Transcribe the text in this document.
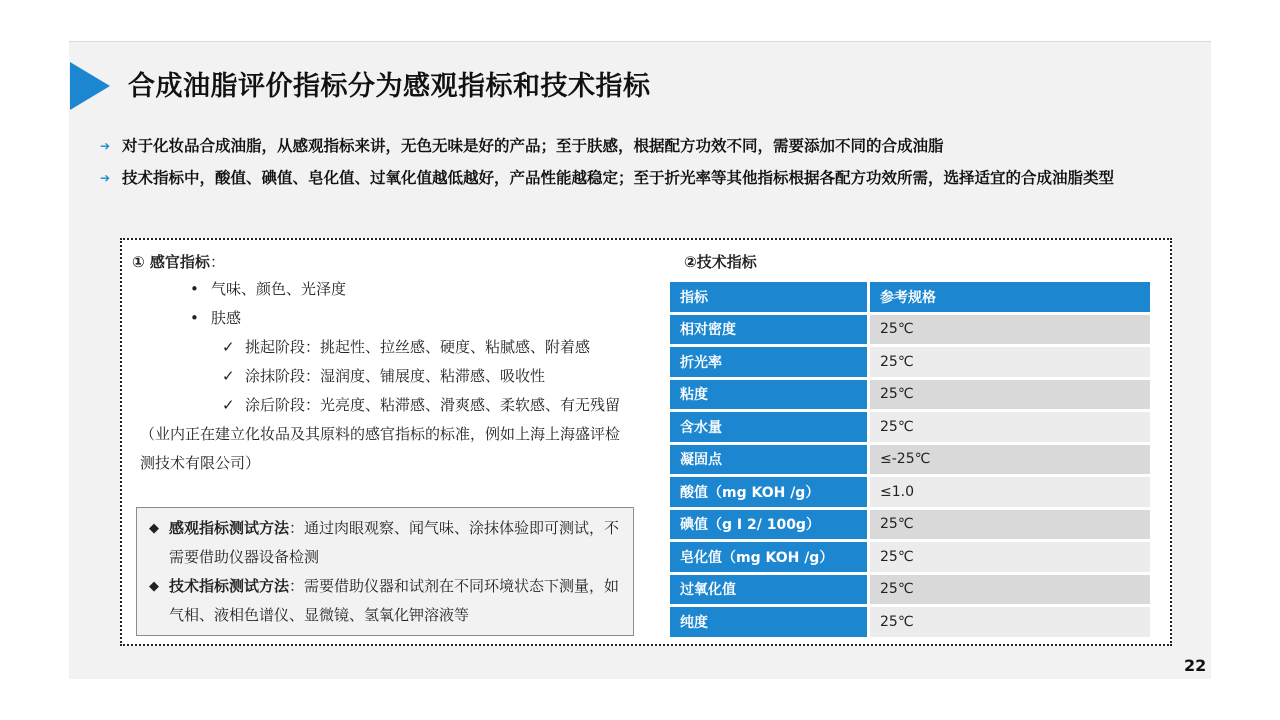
合成油脂评价指标分为感观指标和技术指标
➔ 对于化妆品合成油脂，从感观指标来讲，无色无味是好的产品；至于肤感，根据配方功效不同，需要添加不同的合成油脂
➔ 技术指标中，酸值、碘值、皂化值、过氧化值越低越好，产品性能越稳定；至于折光率等其他指标根据各配方功效所需，选择适宜的合成油脂类型
① 感官指标：
• 气味、颜色、光泽度
• 肤感
✓ 挑起阶段：挑起性、拉丝感、硬度、粘腻感、附着感
✓ 涂抹阶段：湿润度、铺展度、粘滞感、吸收性
✓ 涂后阶段：光亮度、粘滞感、滑爽感、柔软感、有无残留
（业内正在建立化妆品及其原料的感官指标的标准，例如上海上海盛评检测技术有限公司）
◆ 感观指标测试方法：通过肉眼观察、闻气味、涂抹体验即可测试，不需要借助仪器设备检测
◆ 技术指标测试方法：需要借助仪器和试剂在不同环境状态下测量，如气相、液相色谱仪、显微镜、氢氧化钾溶液等
②技术指标
指标	参考规格
相对密度	25℃
折光率	25℃
粘度	25℃
含水量	25℃
凝固点	≤-25℃
酸值（mg KOH /g）	≤1.0
碘值（g I 2/ 100g）	25℃
皂化值（mg KOH /g）	25℃
过氧化值	25℃
纯度	25℃
22
